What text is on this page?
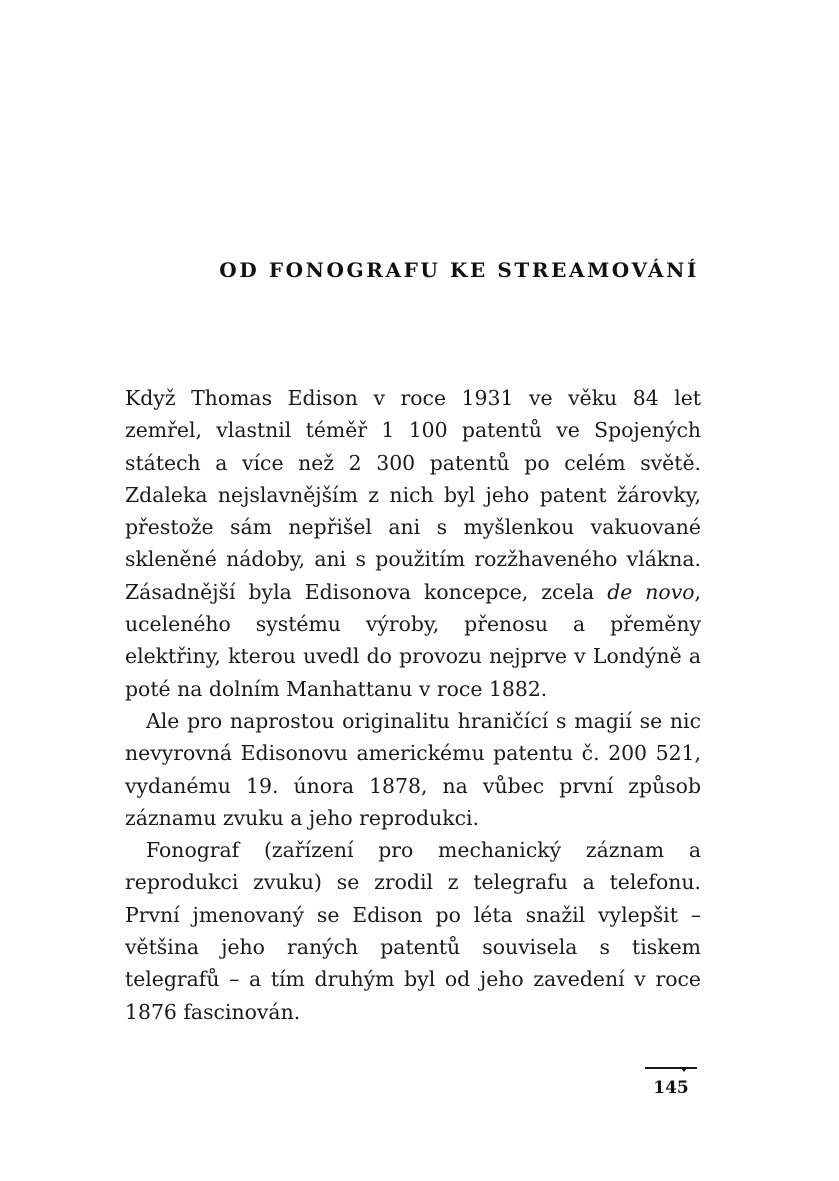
OD FONOGRAFU KE STREAMOVÁNÍ

Když Thomas Edison v roce 1931 ve věku 84 let zemřel, vlastnil téměř 1 100 patentů ve Spojených státech a více než 2 300 patentů po celém světě. Zdaleka nejslavnějším z nich byl jeho patent žárovky, přestože sám nepřišel ani s myšlenkou vakuované skleněné nádoby, ani s použitím rozžhaveného vlákna. Zásadnější byla Edisonova koncepce, zcela de novo, uceleného systému výroby, přenosu a přeměny elektřiny, kterou uvedl do provozu nejprve v Londýně a poté na dolním Manhattanu v roce 1882.

Ale pro naprostou originalitu hraničící s magií se nic nevyrovná Edisonovu americkému patentu č. 200 521, vydanému 19. února 1878, na vůbec první způsob záznamu zvuku a jeho reprodukci.

Fonograf (zařízení pro mechanický záznam a reprodukci zvuku) se zrodil z telegrafu a telefonu. První jmenovaný se Edison po léta snažil vylepšit – většina jeho raných patentů souvisela s tiskem telegrafů – a tím druhým byl od jeho zavedení v roce 1876 fascinován.

145
